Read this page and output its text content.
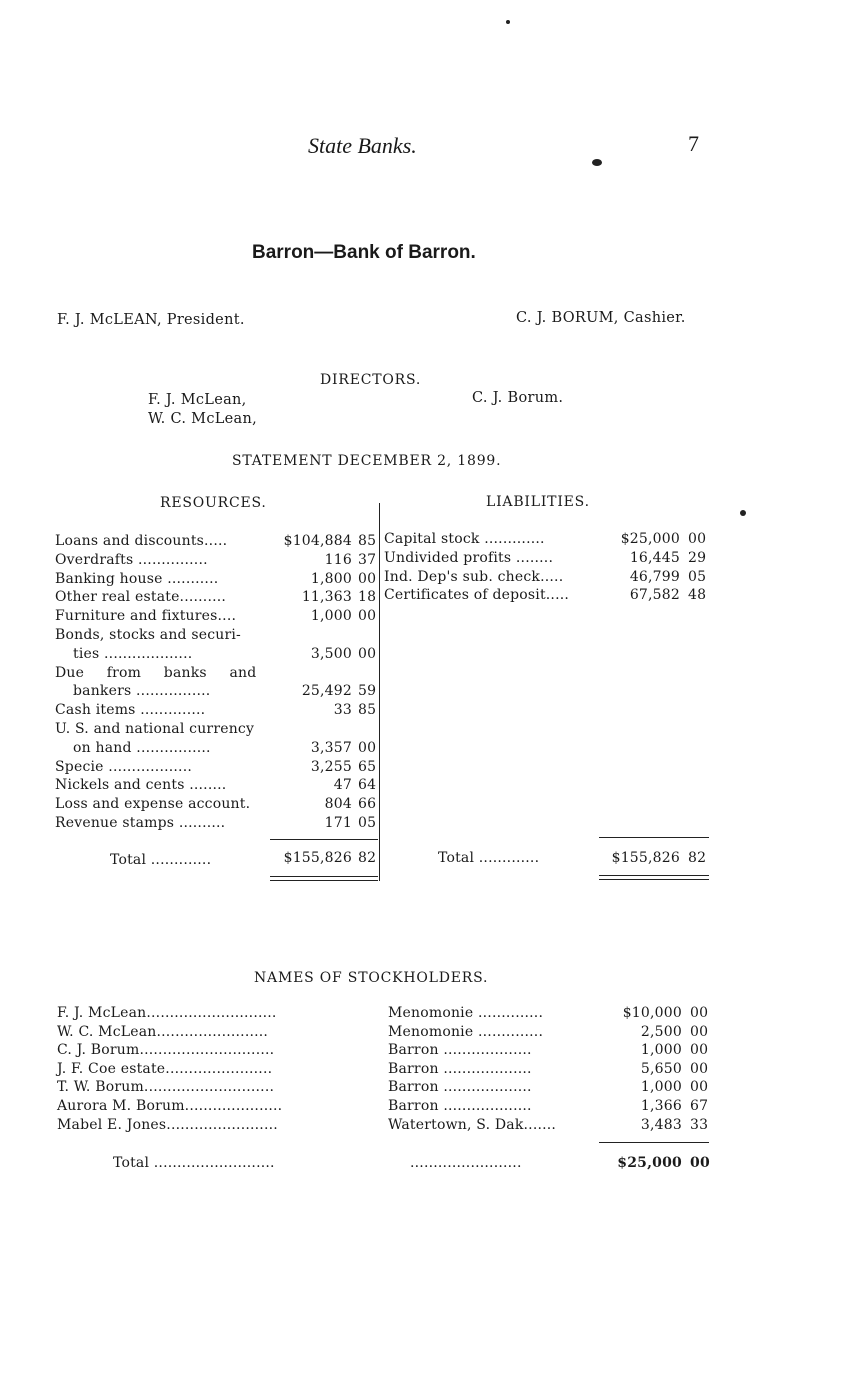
State Banks.	7
Barron—Bank of Barron.
F. J. McLEAN, President.	C. J. BORUM, Cashier.
DIRECTORS.
F. J. McLean,
W. C. McLean,
C. J. Borum.
STATEMENT DECEMBER 2, 1899.
RESOURCES.	LIABILITIES.
Loans and discounts.....	$104,884 85
Overdrafts ...............	116 37
Banking house ...........	1,800 00
Other real estate..........	11,363 18
Furniture and fixtures....	1,000 00
Bonds, stocks and securi-
ties ...................	3,500 00
Due from banks and
bankers ................	25,492 59
Cash items ..............	33 85
U. S. and national currency
on hand ................	3,357 00
Specie ..................	3,255 65
Nickels and cents ........	47 64
Loss and expense account.	804 66
Revenue stamps ..........	171 05
Capital stock .............	$25,000 00
Undivided profits ........	16,445 29
Ind. Dep's sub. check.....	46,799 05
Certificates of deposit.....	67,582 48
Total .............	$155,826 82	Total .............	$155,826 82
NAMES OF STOCKHOLDERS.
F. J. McLean............................	Menomonie ..............	$10,000 00
W. C. McLean........................	Menomonie ..............	2,500 00
C. J. Borum.............................	Barron ...................	1,000 00
J. F. Coe estate.......................	Barron ...................	5,650 00
T. W. Borum............................	Barron ...................	1,000 00
Aurora M. Borum.....................	Barron ...................	1,366 67
Mabel E. Jones........................	Watertown, S. Dak.......	3,483 33
Total ..........................	........................	$25,000 00
